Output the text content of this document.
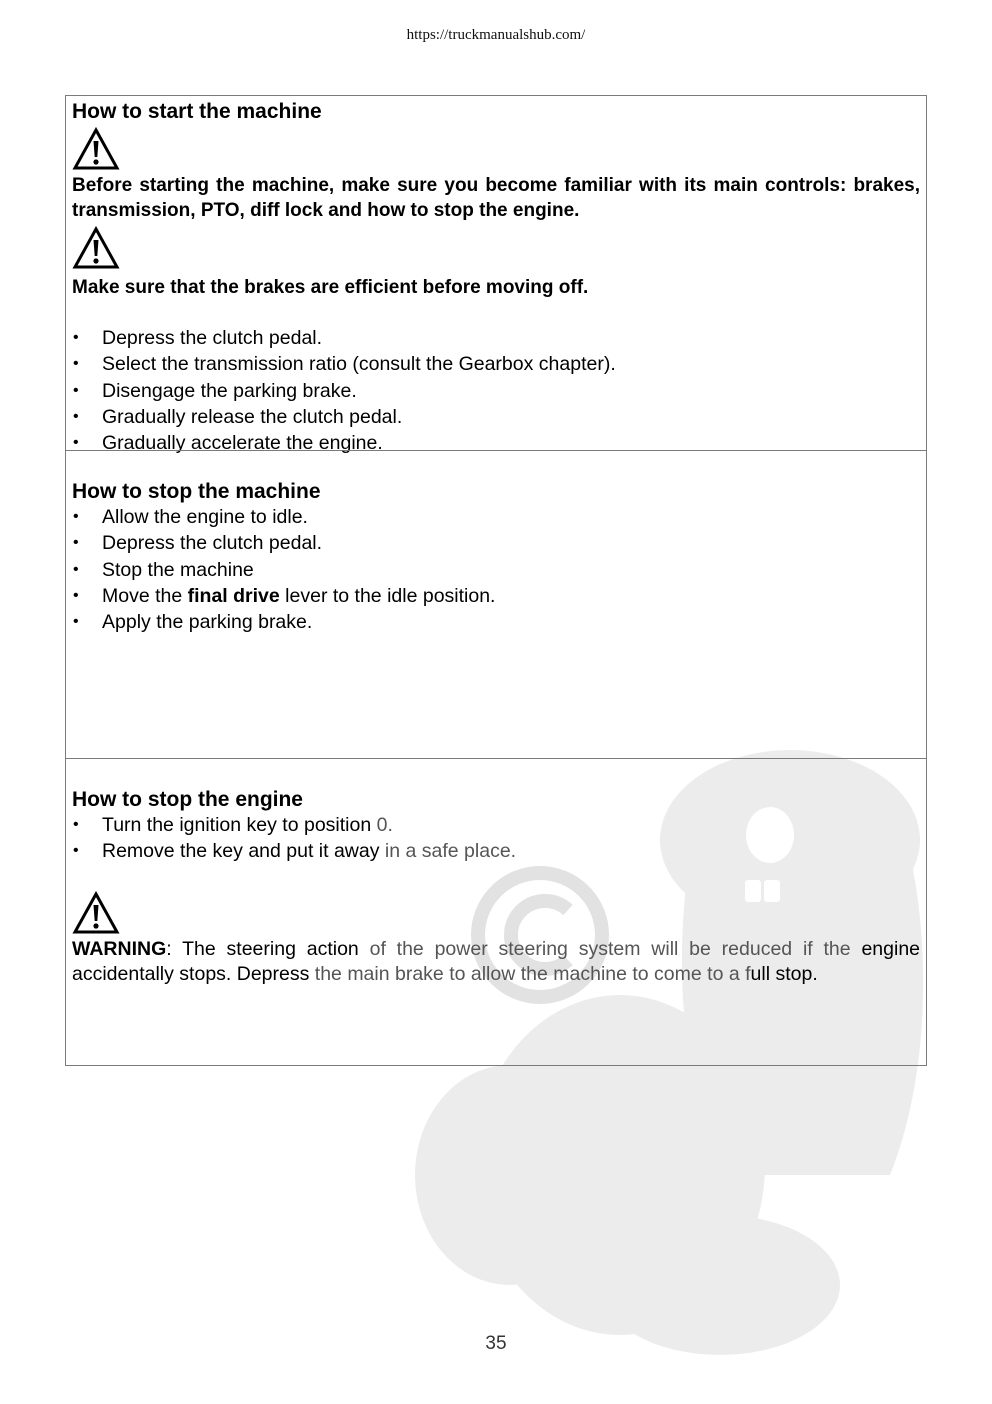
https://truckmanualshub.com/
How to start the machine

Before starting the machine, make sure you become familiar with its main controls: brakes, transmission, PTO, diff lock and how to stop the engine.

Make sure that the brakes are efficient before moving off.

• Depress the clutch pedal.
• Select the transmission ratio (consult the Gearbox chapter).
• Disengage the parking brake.
• Gradually release the clutch pedal.
• Gradually accelerate the engine.
How to stop the machine
• Allow the engine to idle.
• Depress the clutch pedal.
• Stop the machine
• Move the final drive lever to the idle position.
• Apply the parking brake.
How to stop the engine
• Turn the ignition key to position 0.
• Remove the key and put it away in a safe place.

WARNING: The steering action of the power steering system will be reduced if the engine accidentally stops. Depress the main brake to allow the machine to come to a full stop.

35
